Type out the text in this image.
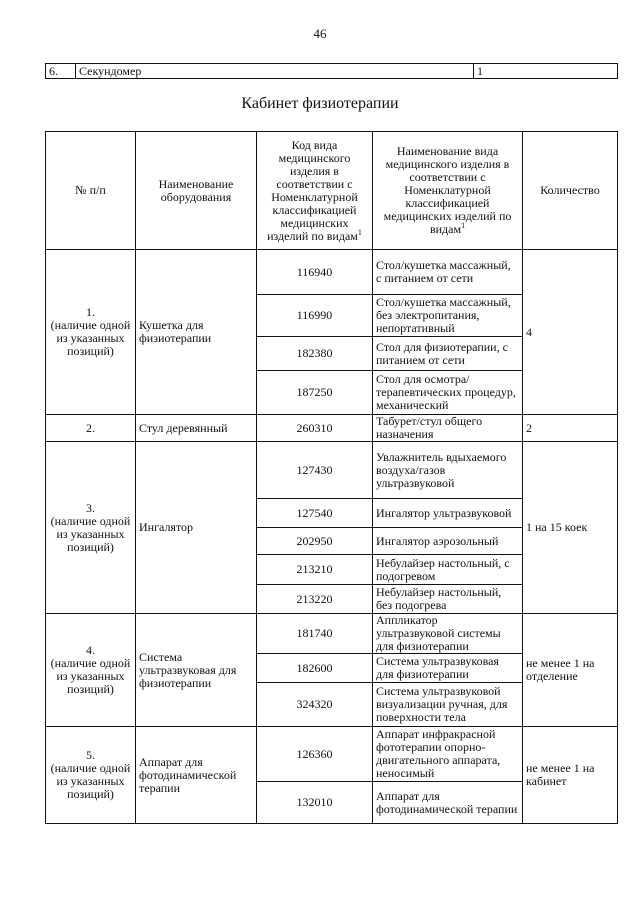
46
6.	Секундомер	1
Кабинет физиотерапии
№ п/п	Наименование оборудования	Код вида медицинского изделия в соответствии с Номенклатурной классификацией медицинских изделий по видам$^1$	Наименование вида медицинского изделия в соответствии с Номенклатурной классификацией медицинских изделий по видам$^1$	Количество
1.
(наличие одной из указанных позиций)	Кушетка для физиотерапии	116940	Стол/кушетка массажный, с питанием от сети	4
		116990	Стол/кушетка массажный, без электропитания, непортативный	
		182380	Стол для физиотерапии, с питанием от сети	
		187250	Стол для осмотра/терапевтических процедур, механический	
2.	Стул деревянный	260310	Табурет/стул общего назначения	2
3.
(наличие одной из указанных позиций)	Ингалятор	127430	Увлажнитель вдыхаемого воздуха/газов ультразвуковой	1 на 15 коек
		127540	Ингалятор ультразвуковой	
		202950	Ингалятор аэрозольный	
		213210	Небулайзер настольный, с подогревом	
		213220	Небулайзер настольный, без подогрева	
4.
(наличие одной из указанных позиций)	Система ультразвуковая для физиотерапии	181740	Аппликатор ультразвуковой системы для физиотерапии	не менее 1 на отделение
		182600	Система ультразвуковая для физиотерапии	
		324320	Система ультразвуковой визуализации ручная, для поверхности тела	
5.
(наличие одной из указанных позиций)	Аппарат для фотодинамической терапии	126360	Аппарат инфракрасной фототерапии опорно-двигательного аппарата, неносимый	не менее 1 на кабинет
		132010	Аппарат для фотодинамической терапии	
